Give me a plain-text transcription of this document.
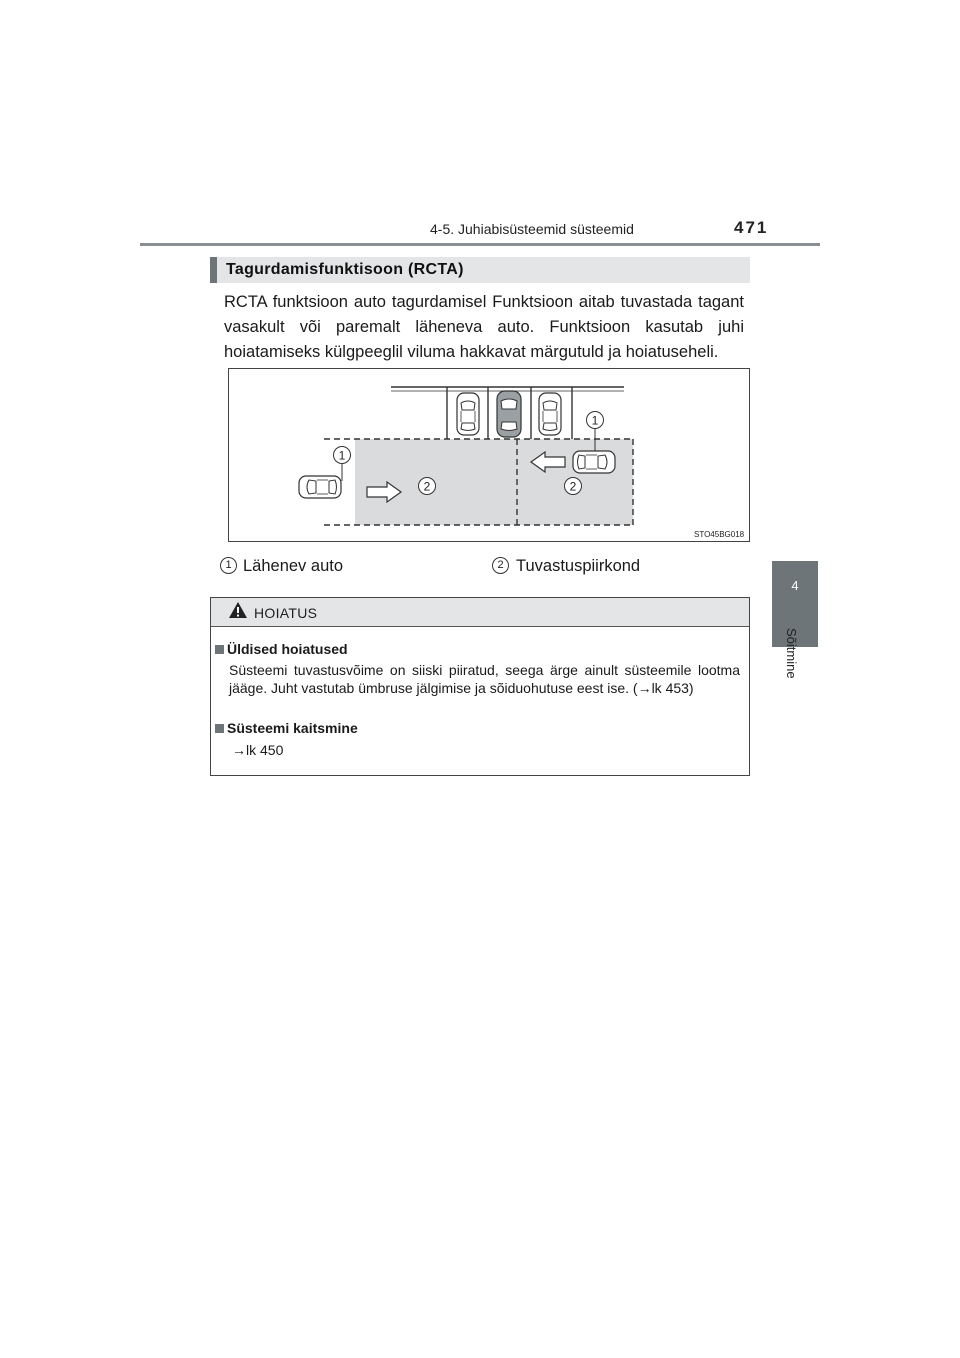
4-5. Juhiabisüsteemid süsteemid	471
4
Sõitmine
Tagurdamisfunktisoon (RCTA)
RCTA funktsioon auto tagurdamisel Funktsioon aitab tuvastada tagant vasakult või paremalt läheneva auto. Funktsioon kasutab juhi hoiatamiseks külgpeeglil viluma hakkavat märgutuld ja hoiatuseheli.
1
1
2	2
STO45BG018
1 Lähenev auto	2 Tuvastuspiirkond
HOIATUS
Üldised hoiatused
Süsteemi tuvastusvõime on siiski piiratud, seega ärge ainult süsteemile lootma jääge. Juht vastutab ümbruse jälgimise ja sõiduohutuse eest ise. (→lk 453)
Süsteemi kaitsmine
→lk 450
